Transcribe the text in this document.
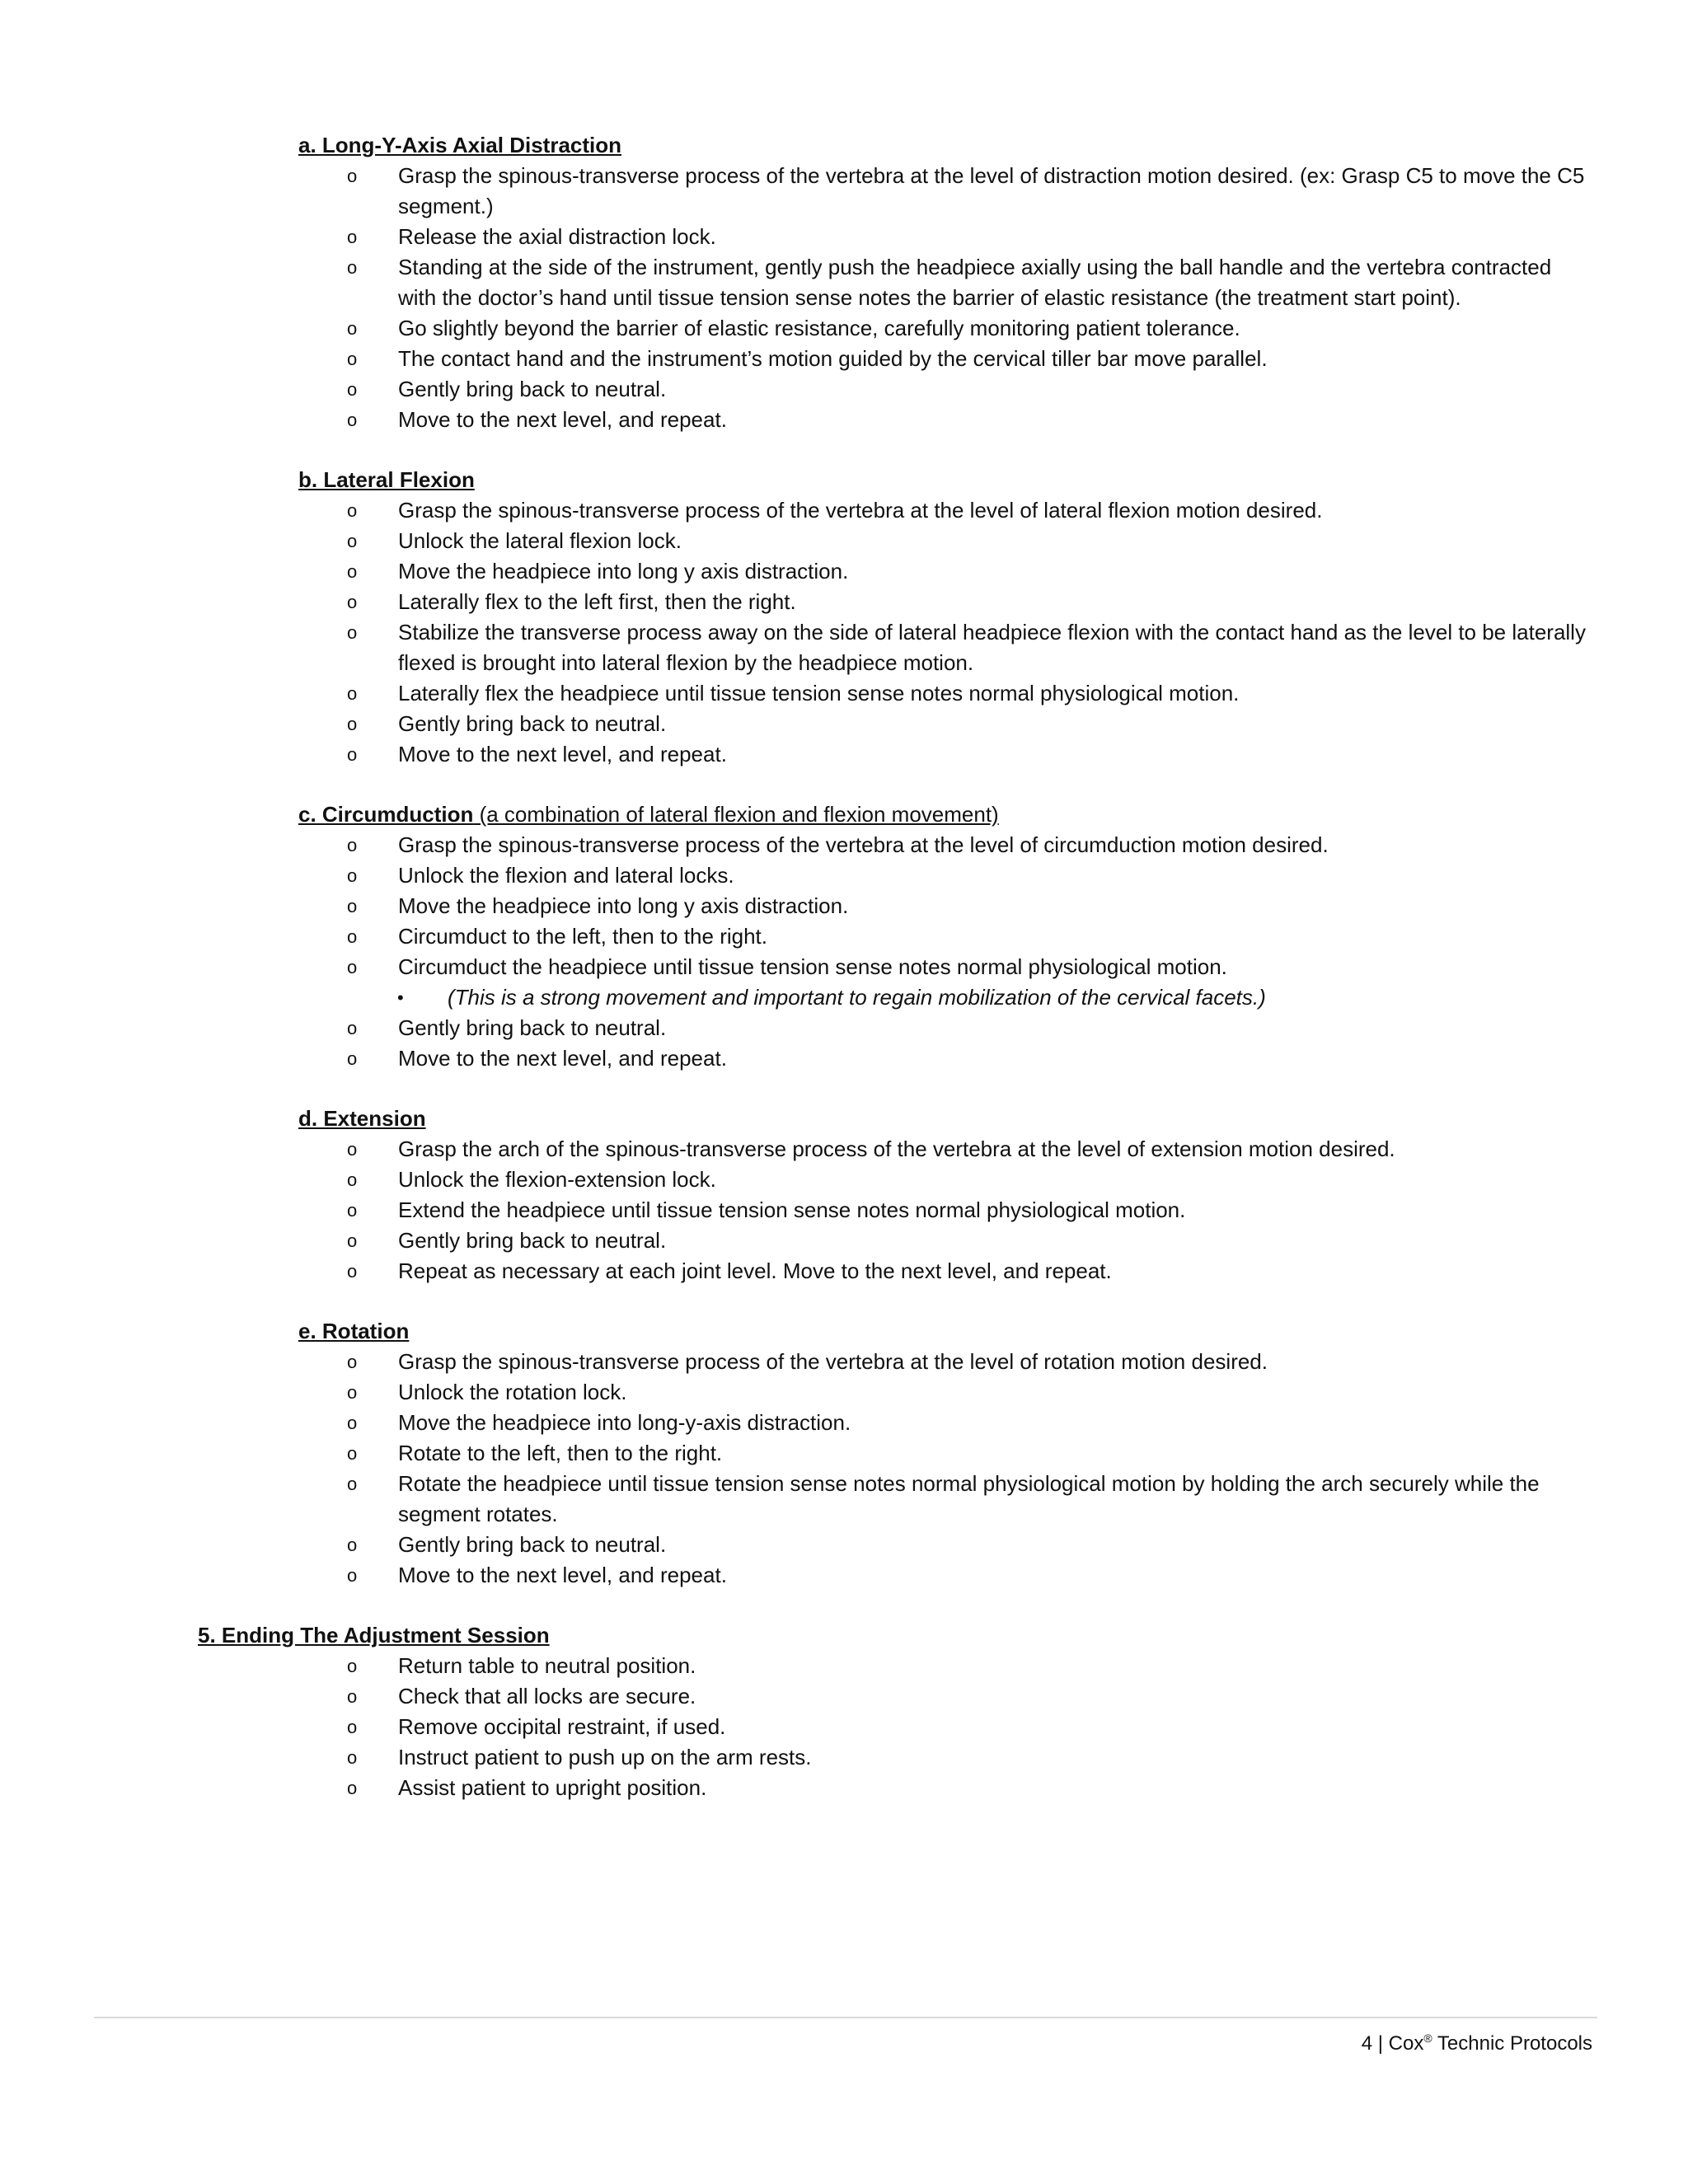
a. Long-Y-Axis Axial Distraction
o Grasp the spinous-transverse process of the vertebra at the level of distraction motion desired. (ex: Grasp C5 to move the C5 segment.)
o Release the axial distraction lock.
o Standing at the side of the instrument, gently push the headpiece axially using the ball handle and the vertebra contracted with the doctor’s hand until tissue tension sense notes the barrier of elastic resistance (the treatment start point).
o Go slightly beyond the barrier of elastic resistance, carefully monitoring patient tolerance.
o The contact hand and the instrument’s motion guided by the cervical tiller bar move parallel.
o Gently bring back to neutral.
o Move to the next level, and repeat.
b. Lateral Flexion
o Grasp the spinous-transverse process of the vertebra at the level of lateral flexion motion desired.
o Unlock the lateral flexion lock.
o Move the headpiece into long y axis distraction.
o Laterally flex to the left first, then the right.
o Stabilize the transverse process away on the side of lateral headpiece flexion with the contact hand as the level to be laterally flexed is brought into lateral flexion by the headpiece motion.
o Laterally flex the headpiece until tissue tension sense notes normal physiological motion.
o Gently bring back to neutral.
o Move to the next level, and repeat.
c. Circumduction (a combination of lateral flexion and flexion movement)
o Grasp the spinous-transverse process of the vertebra at the level of circumduction motion desired.
o Unlock the flexion and lateral locks.
o Move the headpiece into long y axis distraction.
o Circumduct to the left, then to the right.
o Circumduct the headpiece until tissue tension sense notes normal physiological motion.
• (This is a strong movement and important to regain mobilization of the cervical facets.)
o Gently bring back to neutral.
o Move to the next level, and repeat.
d. Extension
o Grasp the arch of the spinous-transverse process of the vertebra at the level of extension motion desired.
o Unlock the flexion-extension lock.
o Extend the headpiece until tissue tension sense notes normal physiological motion.
o Gently bring back to neutral.
o Repeat as necessary at each joint level. Move to the next level, and repeat.
e. Rotation
o Grasp the spinous-transverse process of the vertebra at the level of rotation motion desired.
o Unlock the rotation lock.
o Move the headpiece into long-y-axis distraction.
o Rotate to the left, then to the right.
o Rotate the headpiece until tissue tension sense notes normal physiological motion by holding the arch securely while the segment rotates.
o Gently bring back to neutral.
o Move to the next level, and repeat.
5. Ending The Adjustment Session
o Return table to neutral position.
o Check that all locks are secure.
o Remove occipital restraint, if used.
o Instruct patient to push up on the arm rests.
o Assist patient to upright position.
4 | Cox® Technic Protocols
